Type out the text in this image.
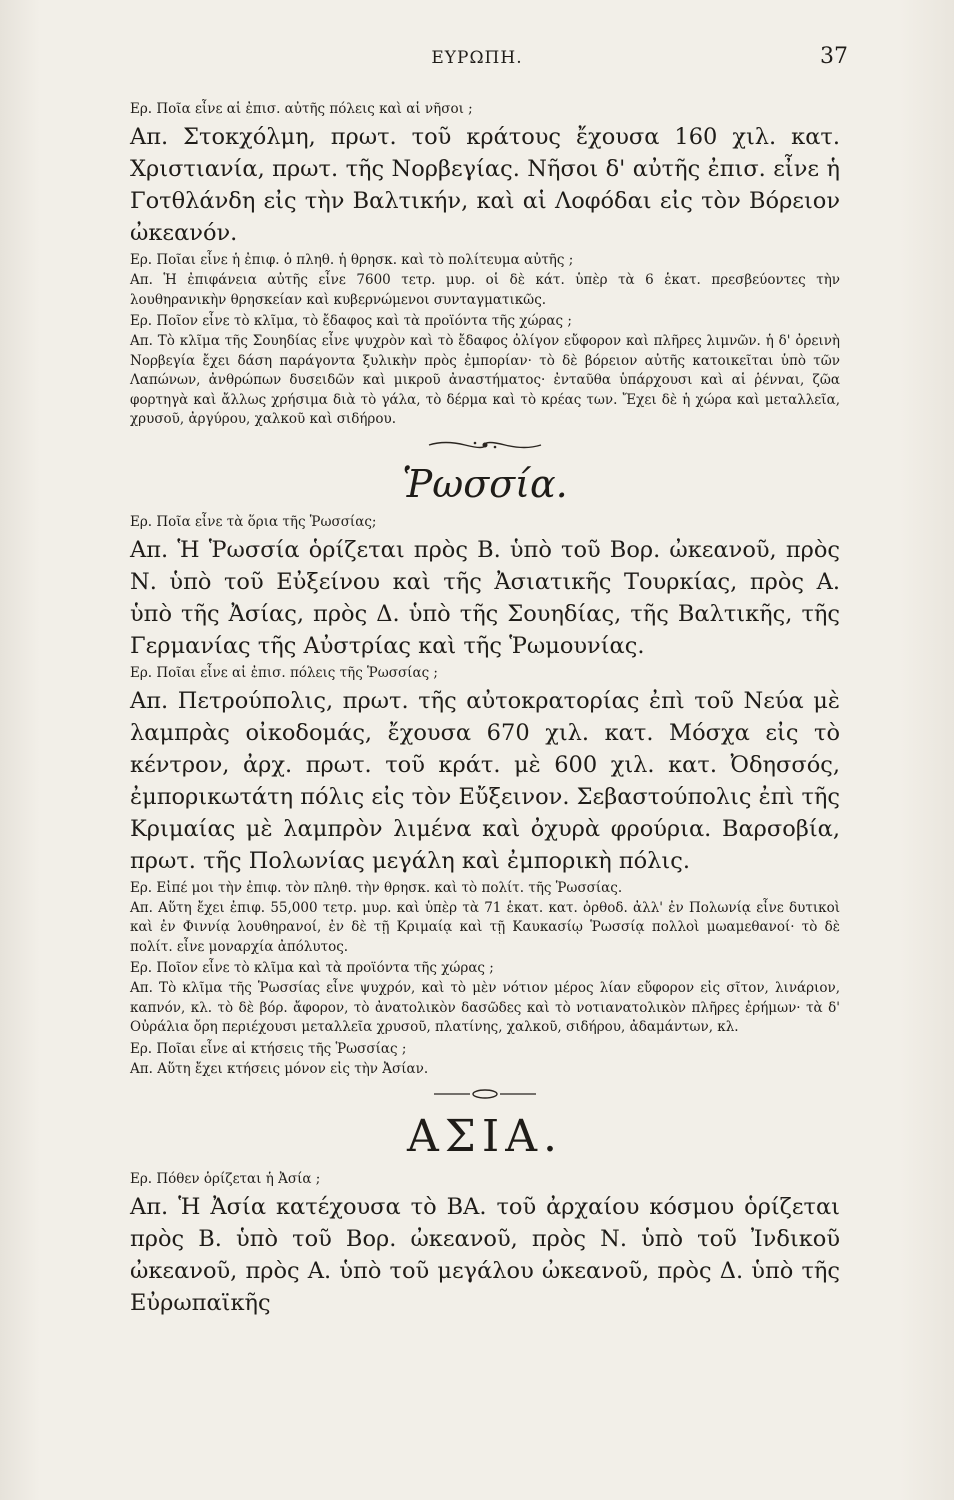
ΕΥΡΩΠΗ.	37

Ερ. Ποῖα εἶνε αἱ ἐπισ. αὐτῆς πόλεις καὶ αἱ νῆσοι ;

Απ. Στοκχόλμη, πρωτ. τοῦ κράτους ἔχουσα 160 χιλ. κατ. Χριστιανία, πρωτ. τῆς Νορβεγίας. Νῆσοι δ' αὐτῆς ἐπισ. εἶνε ἡ Γοτθλάνδη εἰς τὴν Βαλτικήν, καὶ αἱ Λοφόδαι εἰς τὸν Βόρειον ὠκεανόν.

Ερ. Ποῖαι εἶνε ἡ ἐπιφ. ὁ πληθ. ἡ θρησκ. καὶ τὸ πολίτευμα αὐτῆς ;

Απ. Ἡ ἐπιφάνεια αὐτῆς εἶνε 7600 τετρ. μυρ. οἱ δὲ κάτ. ὑπὲρ τὰ 6 ἑκατ. πρεσβεύοντες τὴν λουθηρανικὴν θρησκείαν καὶ κυβερνώμενοι συνταγματικῶς.

Ερ. Ποῖον εἶνε τὸ κλῖμα, τὸ ἔδαφος καὶ τὰ προϊόντα τῆς χώρας ;

Απ. Τὸ κλῖμα τῆς Σουηδίας εἶνε ψυχρὸν καὶ τὸ ἔδαφος ὀλίγον εὔφορον καὶ πλῆρες λιμνῶν. ἡ δ' ὀρεινὴ Νορβεγία ἔχει δάση παράγοντα ξυλικὴν πρὸς ἐμπορίαν· τὸ δὲ βόρειον αὐτῆς κατοικεῖται ὑπὸ τῶν Λαπώνων, ἀνθρώπων δυσειδῶν καὶ μικροῦ ἀναστήματος· ἐνταῦθα ὑπάρχουσι καὶ αἱ ῥένναι, ζῶα φορτηγὰ καὶ ἄλλως χρήσιμα διὰ τὸ γάλα, τὸ δέρμα καὶ τὸ κρέας των. Ἔχει δὲ ἡ χώρα καὶ μεταλλεῖα, χρυσοῦ, ἀργύρου, χαλκοῦ καὶ σιδήρου.

Ῥωσσία.

Ερ. Ποῖα εἶνε τὰ ὅρια τῆς Ῥωσσίας;

Απ. Ἡ Ῥωσσία ὁρίζεται πρὸς Β. ὑπὸ τοῦ Βορ. ὠκεανοῦ, πρὸς Ν. ὑπὸ τοῦ Εὐξείνου καὶ τῆς Ἀσιατικῆς Τουρκίας, πρὸς Α. ὑπὸ τῆς Ἀσίας, πρὸς Δ. ὑπὸ τῆς Σουηδίας, τῆς Βαλτικῆς, τῆς Γερμανίας τῆς Αὐστρίας καὶ τῆς Ῥωμουνίας.

Ερ. Ποῖαι εἶνε αἱ ἐπισ. πόλεις τῆς Ῥωσσίας ;

Απ. Πετρούπολις, πρωτ. τῆς αὐτοκρατορίας ἐπὶ τοῦ Νεύα μὲ λαμπρὰς οἰκοδομάς, ἔχουσα 670 χιλ. κατ. Μόσχα εἰς τὸ κέντρον, ἀρχ. πρωτ. τοῦ κράτ. μὲ 600 χιλ. κατ. Ὀδησσός, ἐμπορικωτάτη πόλις εἰς τὸν Εὔξεινον. Σεβαστούπολις ἐπὶ τῆς Κριμαίας μὲ λαμπρὸν λιμένα καὶ ὀχυρὰ φρούρια. Βαρσοβία, πρωτ. τῆς Πολωνίας μεγάλη καὶ ἐμπορικὴ πόλις.

Ερ. Εἰπέ μοι τὴν ἐπιφ. τὸν πληθ. τὴν θρησκ. καὶ τὸ πολίτ. τῆς Ῥωσσίας.

Απ. Αὕτη ἔχει ἐπιφ. 55,000 τετρ. μυρ. καὶ ὑπὲρ τὰ 71 ἑκατ. κατ. ὀρθοδ. ἀλλ' ἐν Πολωνίᾳ εἶνε δυτικοὶ καὶ ἐν Φιννίᾳ λουθηρανοί, ἐν δὲ τῇ Κριμαίᾳ καὶ τῇ Καυκασίῳ Ῥωσσίᾳ πολλοὶ μωαμεθανοί· τὸ δὲ πολίτ. εἶνε μοναρχία ἀπόλυτος.

Ερ. Ποῖον εἶνε τὸ κλῖμα καὶ τὰ προϊόντα τῆς χώρας ;

Απ. Τὸ κλῖμα τῆς Ῥωσσίας εἶνε ψυχρόν, καὶ τὸ μὲν νότιον μέρος λίαν εὔφορον εἰς σῖτον, λινάριον, καπνόν, κλ. τὸ δὲ βόρ. ἄφορον, τὸ ἀνατολικὸν δασῶδες καὶ τὸ νοτιανατολικὸν πλῆρες ἐρήμων· τὰ δ' Οὐράλια ὄρη περιέχουσι μεταλλεῖα χρυσοῦ, πλατίνης, χαλκοῦ, σιδήρου, ἀδαμάντων, κλ.

Ερ. Ποῖαι εἶνε αἱ κτήσεις τῆς Ῥωσσίας ;

Απ. Αὕτη ἔχει κτήσεις μόνον εἰς τὴν Ἀσίαν.

ΑΣΙΑ.

Ερ. Πόθεν ὁρίζεται ἡ Ἀσία ;

Απ. Ἡ Ἀσία κατέχουσα τὸ ΒΑ. τοῦ ἀρχαίου κόσμου ὁρίζεται πρὸς Β. ὑπὸ τοῦ Βορ. ὠκεανοῦ, πρὸς Ν. ὑπὸ τοῦ Ἰνδικοῦ ὠκεανοῦ, πρὸς Α. ὑπὸ τοῦ μεγάλου ὠκεανοῦ, πρὸς Δ. ὑπὸ τῆς Εὐρωπαϊκῆς
